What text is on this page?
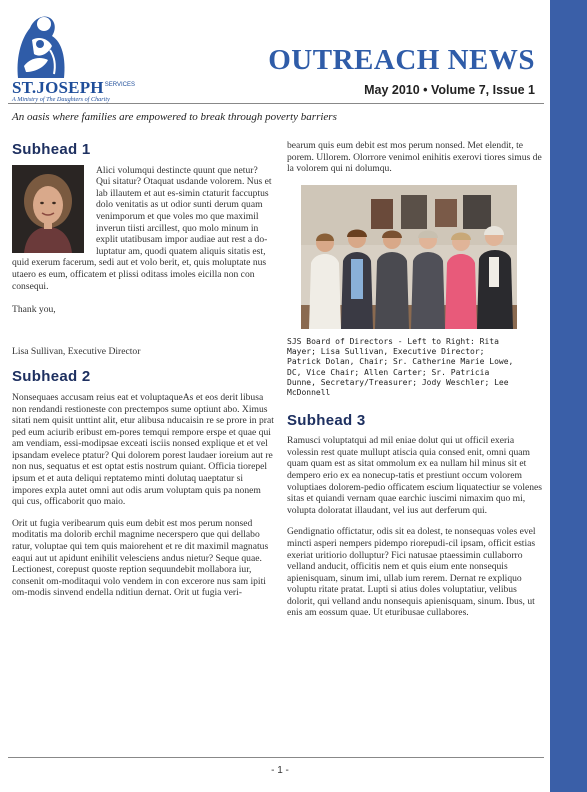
ST.JOSEPHSERVICES
A Ministry of The Daughters of Charity
OUTREACH NEWS
May 2010 • Volume 7, Issue 1
An oasis where families are empowered to break through poverty barriers
Subhead 1

Alici volumqui destincte quunt que netur? Qui sitatur? Otaquat usdande volorem. Nus et lab illautem et aut es-simin ctaturit faccuptus dolo venitatis as ut odior sunti derum quam venimporum et que voles mo que maximil inverun tiisti arcillest, quo molo minum in explit utatibusam impor audiae aut rest a do-luptatur am, quodi quatem aliquis sitatis est, quid exerum facerum, sedi aut et volo berit, et, quis moluptate nus utaero es eum, officatem et plissi oditass imoles eicilla non con consequi.

Thank you,

Lisa Sullivan, Executive Director

Subhead 2

Nonsequaes accusam reius eat et voluptaqueAs et eos derit libusa non rendandi restioneste con prectempos sume optiunt abo. Ximus sitati nem quisit unttint alit, etur alibusa nducaisin re se prore in prat ped eum aciurib eribust em-pores temqui rempore erspe et quae qui am vendiam, essi-modipsae exceati isciis nonsed explique et et vel ipsandam evelece ptatur? Qui dolorem porest laudaer ioreium aut re non nus, sequatus et est optat estis nostrum quiant. Officia tiorepel ipsum et et auta deliqui reptatemo minti dolutaq uaeptatur si impores expla autet omni aut odis arum voluptam quis pa nonem qui cus, officaborit quo maio.

Orit ut fugia veribearum quis eum debit est mos perum nonsed moditatis ma dolorib erchil magnime necerspero que qui dellabo ratur, voluptae qui tem quis maiorehent et re dit maximil magnatus eaqui aut ut apidunt enihilit velesciens andus nietur? Seque quae. Lectionest, corepust quoste reption sequundebit mollabora iur, consenit om-moditaqui volo vendem in con excerore nus sam ipiti om-modis sinvend endella nditiun dernat. Orit ut fugia veri-

bearum quis eum debit est mos perum nonsed. Met elendit, te porem. Ullorem. Olorrore venimol enihitis exerovi tiores simus de la volorem qui ni dolumqu.

SJS Board of Directors - Left to Right: Rita Mayer; Lisa Sullivan, Executive Director; Patrick Dolan, Chair; Sr. Catherine Marie Lowe, DC, Vice Chair; Allen Carter; Sr. Patricia Dunne, Secretary/Treasurer; Jody Weschler; Lee McDonnell

Subhead 3

Ramusci voluptatqui ad mil eniae dolut qui ut officil exeria volessin rest quate mullupt atiscia quia consed enit, omni quam quam quam est as sitat ommolum ex ea nullam hil minus sit et dempero erio ex ea nonecup-tatis et prestiunt occum volorem voluptiaes dolorem-pedio officatem escium liquatectiur se volenes sitas et quiandi vernam quae earchic iuscimi nimaxim quo mi, volupta doloratat illaudant, vel ius aut derferum qui.

Gendignatio offictatur, odis sit ea dolest, te nonsequas voles evel mincti asperi nempers pidempo riorepudi-cil ipsam, officit estias exeriat uritiorio dolluptur? Fici natusae ptaessimin cullaborro velland anducit, officitis nem et quis eium ente nonsequis apienisquam, sinum imi, ullab ium rerem. Dernat re expliquo voluptu ritate pratat. Lupti si atius doles voluptatiur, velibus dolorit, qui velland andu nonsequis apienisquam, sinum. Ibus, ut enis am eossum quae. Ut eturibusae cullabores.

- 1 -
